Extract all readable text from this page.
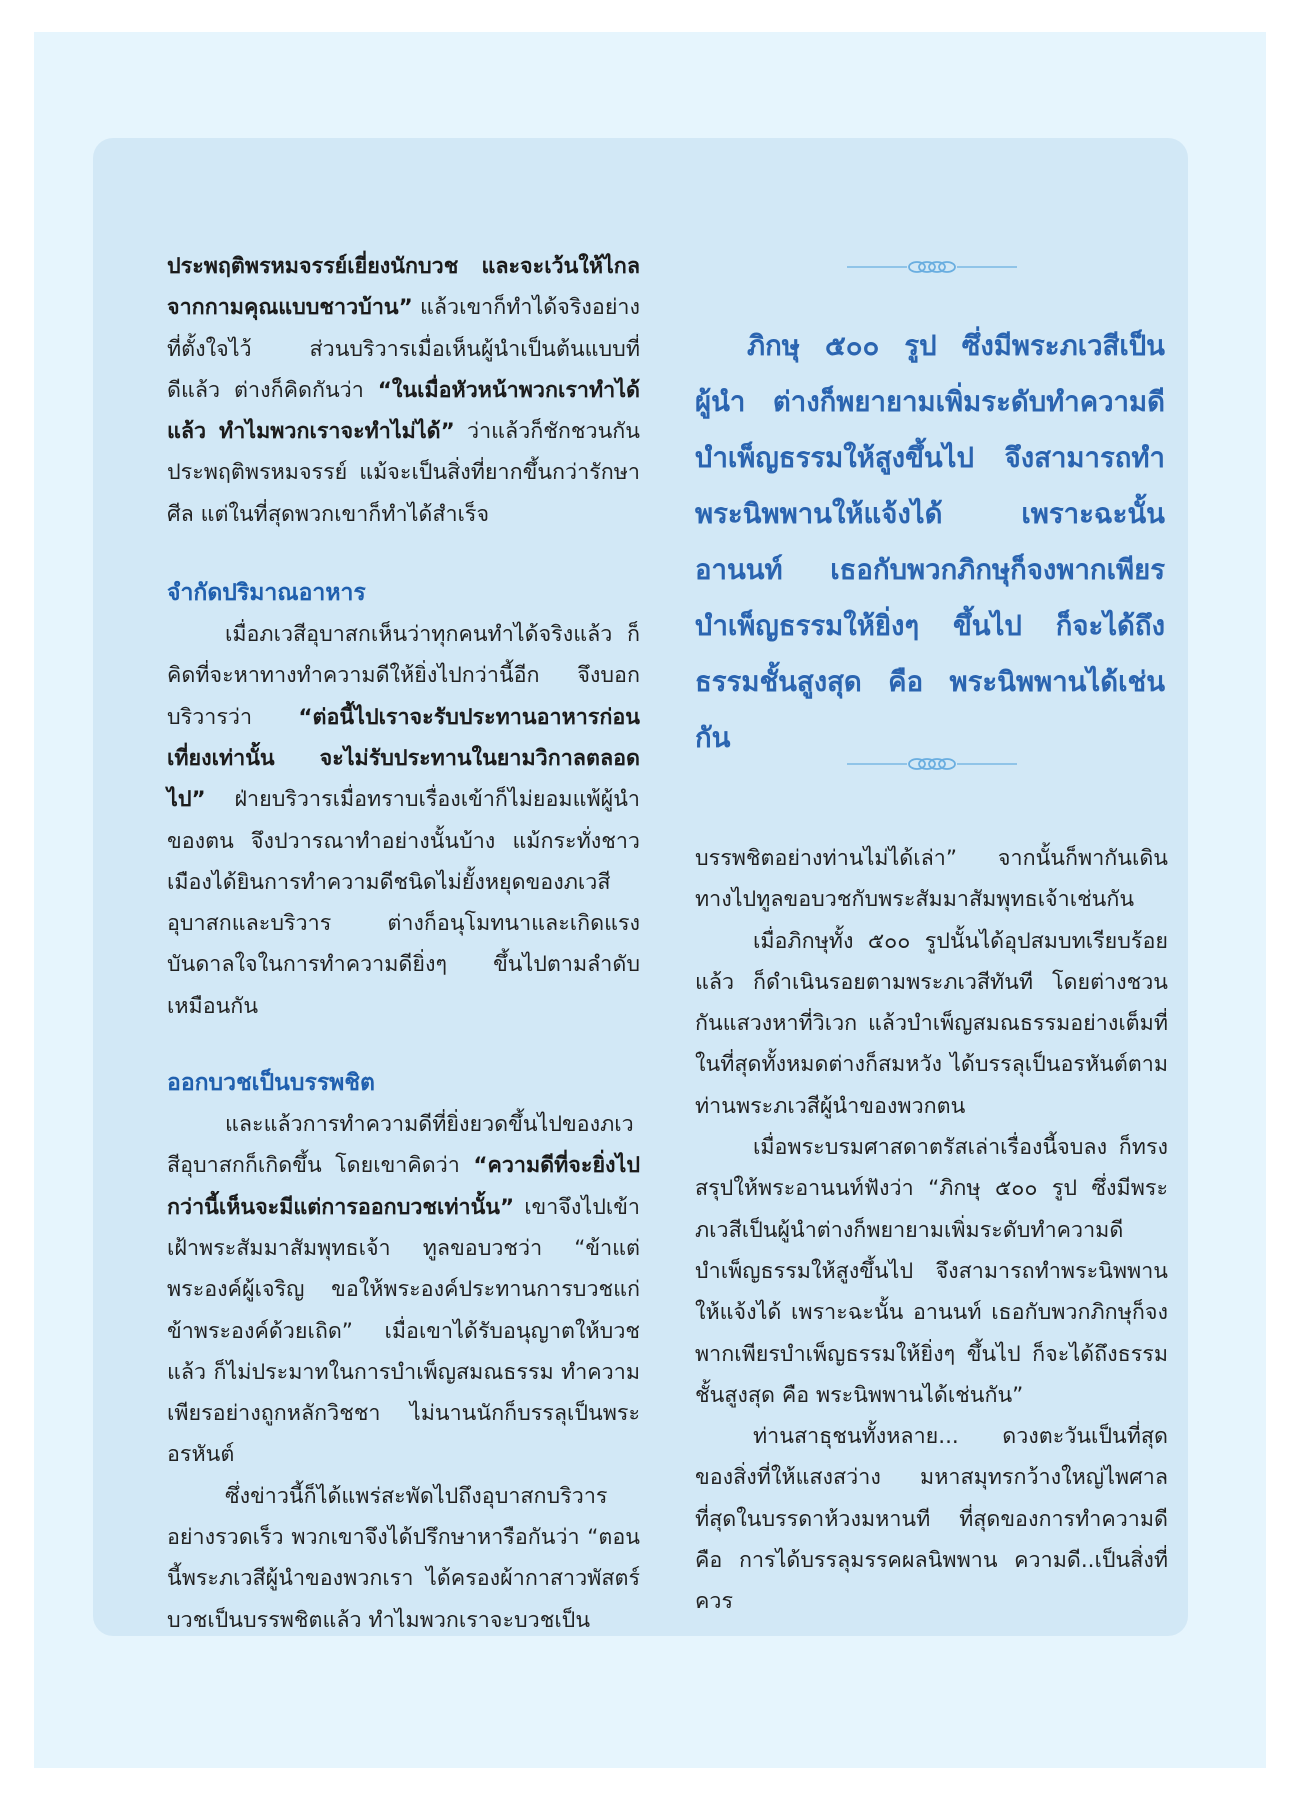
ประพฤติพรหมจรรย์เยี่ยงนักบวช และจะเว้นให้ไกลจากกามคุณแบบชาวบ้าน” แล้วเขาก็ทำได้จริงอย่างที่ตั้งใจไว้ ส่วนบริวารเมื่อเห็นผู้นำเป็นต้นแบบที่ดีแล้ว ต่างก็คิดกันว่า “ในเมื่อหัวหน้าพวกเราทำได้แล้ว ทำไมพวกเราจะทำไม่ได้” ว่าแล้วก็ชักชวนกันประพฤติพรหมจรรย์ แม้จะเป็นสิ่งที่ยากขึ้นกว่ารักษาศีล แต่ในที่สุดพวกเขาก็ทำได้สำเร็จ

จำกัดปริมาณอาหาร

เมื่อภเวสีอุบาสกเห็นว่าทุกคนทำได้จริงแล้ว ก็คิดที่จะหาทางทำความดีให้ยิ่งไปกว่านี้อีก จึงบอกบริวารว่า “ต่อนี้ไปเราจะรับประทานอาหารก่อนเที่ยงเท่านั้น จะไม่รับประทานในยามวิกาลตลอดไป” ฝ่ายบริวารเมื่อทราบเรื่องเข้าก็ไม่ยอมแพ้ผู้นำของตน จึงปวารณาทำอย่างนั้นบ้าง แม้กระทั่งชาวเมืองได้ยินการทำความดีชนิดไม่ยั้งหยุดของภเวสีอุบาสกและบริวาร ต่างก็อนุโมทนาและเกิดแรงบันดาลใจในการทำความดียิ่งๆ ขึ้นไปตามลำดับเหมือนกัน

ออกบวชเป็นบรรพชิต

และแล้วการทำความดีที่ยิ่งยวดขึ้นไปของภเวสีอุบาสกก็เกิดขึ้น โดยเขาคิดว่า “ความดีที่จะยิ่งไปกว่านี้เห็นจะมีแต่การออกบวชเท่านั้น” เขาจึงไปเข้าเฝ้าพระสัมมาสัมพุทธเจ้า ทูลขอบวชว่า “ข้าแต่พระองค์ผู้เจริญ ขอให้พระองค์ประทานการบวชแก่ข้าพระองค์ด้วยเถิด” เมื่อเขาได้รับอนุญาตให้บวชแล้ว ก็ไม่ประมาทในการบำเพ็ญสมณธรรม ทำความเพียรอย่างถูกหลักวิชชา ไม่นานนักก็บรรลุเป็นพระอรหันต์

ซึ่งข่าวนี้ก็ได้แพร่สะพัดไปถึงอุบาสกบริวารอย่างรวดเร็ว พวกเขาจึงได้ปรึกษาหารือกันว่า “ตอนนี้พระภเวสีผู้นำของพวกเรา ได้ครองผ้ากาสาวพัสตร์บวชเป็นบรรพชิตแล้ว ทำไมพวกเราจะบวชเป็น

ภิกษุ ๕๐๐ รูป ซึ่งมีพระภเวสีเป็นผู้นำ ต่างก็พยายามเพิ่มระดับทำความดี บำเพ็ญธรรมให้สูงขึ้นไป จึงสามารถทำพระนิพพานให้แจ้งได้ เพราะฉะนั้น อานนท์ เธอกับพวกภิกษุก็จงพากเพียร บำเพ็ญธรรมให้ยิ่งๆ ขึ้นไป ก็จะได้ถึงธรรมชั้นสูงสุด คือ พระนิพพานได้เช่นกัน

บรรพชิตอย่างท่านไม่ได้เล่า” จากนั้นก็พากันเดินทางไปทูลขอบวชกับพระสัมมาสัมพุทธเจ้าเช่นกัน

เมื่อภิกษุทั้ง ๕๐๐ รูปนั้นได้อุปสมบทเรียบร้อยแล้ว ก็ดำเนินรอยตามพระภเวสีทันที โดยต่างชวนกันแสวงหาที่วิเวก แล้วบำเพ็ญสมณธรรมอย่างเต็มที่ ในที่สุดทั้งหมดต่างก็สมหวัง ได้บรรลุเป็นอรหันต์ตามท่านพระภเวสีผู้นำของพวกตน

เมื่อพระบรมศาสดาตรัสเล่าเรื่องนี้จบลง ก็ทรงสรุปให้พระอานนท์ฟังว่า “ภิกษุ ๕๐๐ รูป ซึ่งมีพระภเวสีเป็นผู้นำต่างก็พยายามเพิ่มระดับทำความดี บำเพ็ญธรรมให้สูงขึ้นไป จึงสามารถทำพระนิพพานให้แจ้งได้ เพราะฉะนั้น อานนท์ เธอกับพวกภิกษุก็จงพากเพียรบำเพ็ญธรรมให้ยิ่งๆ ขึ้นไป ก็จะได้ถึงธรรมชั้นสูงสุด คือ พระนิพพานได้เช่นกัน”

ท่านสาธุชนทั้งหลาย... ดวงตะวันเป็นที่สุดของสิ่งที่ให้แสงสว่าง มหาสมุทรกว้างใหญ่ไพศาลที่สุดในบรรดาห้วงมหานที ที่สุดของการทำความดี คือ การได้บรรลุมรรคผลนิพพาน ความดี..เป็นสิ่งที่ควร
